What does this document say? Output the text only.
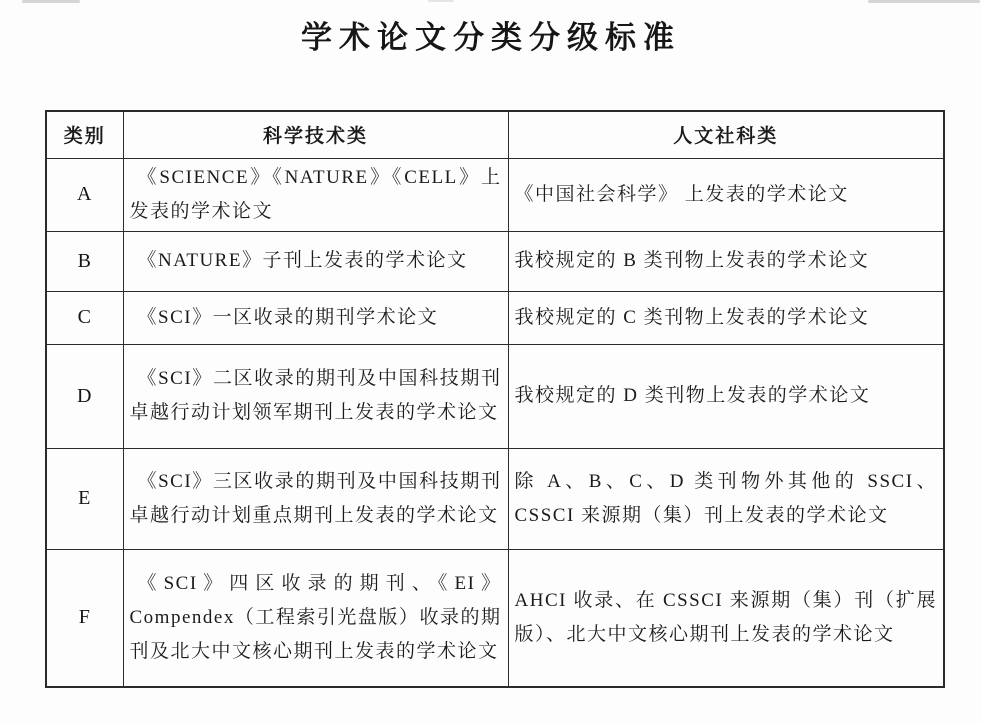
学术论文分类分级标准
类别	科学技术类	人文社科类
A	《SCIENCE》《NATURE》《CELL》上发表的学术论文	《中国社会科学》 上发表的学术论文
B	《NATURE》子刊上发表的学术论文	我校规定的 B 类刊物上发表的学术论文
C	《SCI》一区收录的期刊学术论文	我校规定的 C 类刊物上发表的学术论文
D	《SCI》二区收录的期刊及中国科技期刊卓越行动计划领军期刊上发表的学术论文	我校规定的 D 类刊物上发表的学术论文
E	《SCI》三区收录的期刊及中国科技期刊卓越行动计划重点期刊上发表的学术论文	除 A、B、C、D 类刊物外其他的 SSCI、CSSCI 来源期（集）刊上发表的学术论文
F	《SCI》四区收录的期刊、《EI》Compendex（工程索引光盘版）收录的期刊及北大中文核心期刊上发表的学术论文	AHCI 收录、在 CSSCI 来源期（集）刊（扩展版）、北大中文核心期刊上发表的学术论文
